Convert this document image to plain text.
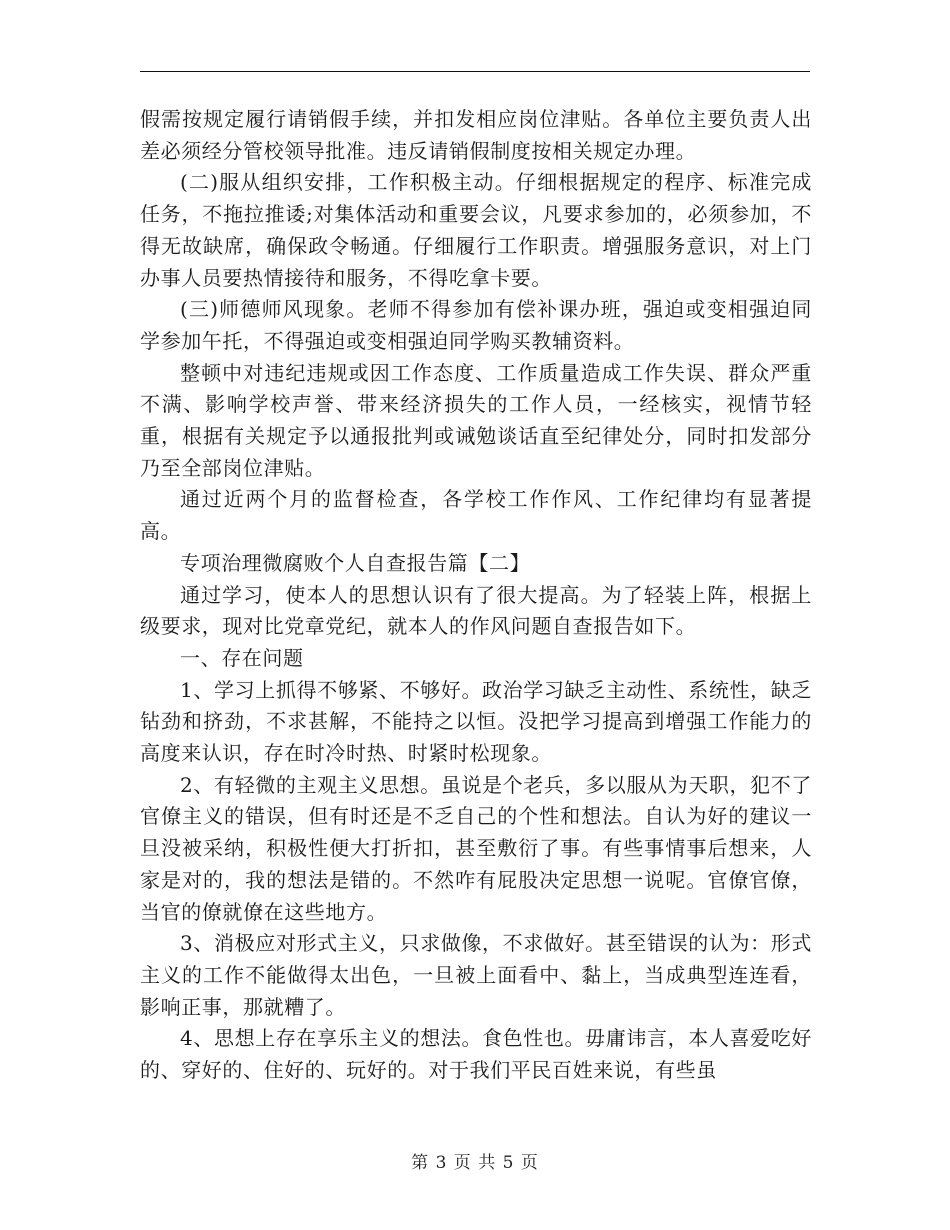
假需按规定履行请销假手续，并扣发相应岗位津贴。各单位主要负责人出差必须经分管校领导批准。违反请销假制度按相关规定办理。

(二)服从组织安排，工作积极主动。仔细根据规定的程序、标准完成任务，不拖拉推诿;对集体活动和重要会议，凡要求参加的，必须参加，不得无故缺席，确保政令畅通。仔细履行工作职责。增强服务意识，对上门办事人员要热情接待和服务，不得吃拿卡要。

(三)师德师风现象。老师不得参加有偿补课办班，强迫或变相强迫同学参加午托，不得强迫或变相强迫同学购买教辅资料。

整顿中对违纪违规或因工作态度、工作质量造成工作失误、群众严重不满、影响学校声誉、带来经济损失的工作人员，一经核实，视情节轻重，根据有关规定予以通报批判或诫勉谈话直至纪律处分，同时扣发部分乃至全部岗位津贴。

通过近两个月的监督检查，各学校工作作风、工作纪律均有显著提高。

专项治理微腐败个人自查报告篇【二】

通过学习，使本人的思想认识有了很大提高。为了轻装上阵，根据上级要求，现对比党章党纪，就本人的作风问题自查报告如下。

一、存在问题

1、学习上抓得不够紧、不够好。政治学习缺乏主动性、系统性，缺乏钻劲和挤劲，不求甚解，不能持之以恒。没把学习提高到增强工作能力的高度来认识，存在时冷时热、时紧时松现象。

2、有轻微的主观主义思想。虽说是个老兵，多以服从为天职，犯不了官僚主义的错误，但有时还是不乏自己的个性和想法。自认为好的建议一旦没被采纳，积极性便大打折扣，甚至敷衍了事。有些事情事后想来，人家是对的，我的想法是错的。不然咋有屁股决定思想一说呢。官僚官僚，当官的僚就僚在这些地方。

3、消极应对形式主义，只求做像，不求做好。甚至错误的认为：形式主义的工作不能做得太出色，一旦被上面看中、黏上，当成典型连连看，影响正事，那就糟了。

4、思想上存在享乐主义的想法。食色性也。毋庸讳言，本人喜爱吃好的、穿好的、住好的、玩好的。对于我们平民百姓来说，有些虽

第 3 页 共 5 页
